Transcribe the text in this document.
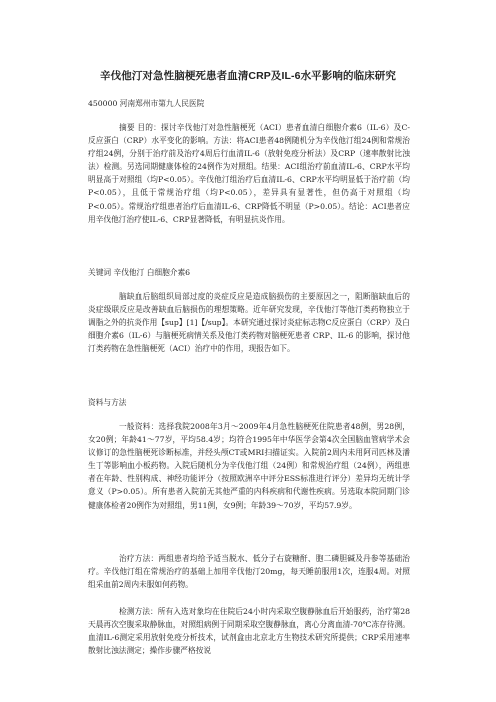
辛伐他汀对急性脑梗死患者血清CRP及IL-6水平影响的临床研究
450000 河南郑州市第九人民医院
摘要 目的：探讨辛伐他汀对急性脑梗死（ACI）患者血清白细胞介素6（IL-6）及C-反应蛋白（CRP）水平变化的影响。方法：将ACI患者48例随机分为辛伐他汀组24例和常规治疗组24例，分别于治疗前及治疗4周后行血清IL-6（放射免疫分析法）及CRP（速率散射比浊法）检测。另选同期健康体检的24例作为对照组。结果：ACI组治疗前血清IL-6、CRP水平均明显高于对照组（均P<0.05）。辛伐他汀组治疗后血清IL-6、CRP水平均明显低于治疗前（均P<0.05），且低于常规治疗组（均P<0.05），差异具有显著性，但仍高于对照组（均P<0.05）。常规治疗组患者治疗后血清IL-6、CRP降低不明显（P>0.05）。结论：ACI患者应用辛伐他汀治疗使IL-6、CRP显著降低，有明显抗炎作用。
关键词 辛伐他汀 白细胞介素6
脑缺血后脑组织局部过度的炎症反应是造成脑损伤的主要原因之一，阻断脑缺血后的炎症级联反应是改善缺血后脑损伤的理想策略。近年研究发现，辛伐他汀等他汀类药物独立于调脂之外的抗炎作用【sup】[1]【/sup】。本研究通过探讨炎症标志物C反应蛋白（CRP）及白细胞介素6（IL-6）与脑梗死病情关系及他汀类药物对脑梗死患者 CRP、IL-6 的影响，探讨他汀类药物在急性脑梗死（ACI）治疗中的作用，现报告如下。
资料与方法
一般资料：选择我院2008年3月～2009年4月急性脑梗死住院患者48例，男28例，女20例；年龄41～77岁，平均58.4岁；均符合1995年中华医学会第4次全国脑血管病学术会议修订的急性脑梗死诊断标准，并经头颅CT或MRI扫描证实。入院前2周内未用阿司匹林及潘生丁等影响血小板药物。入院后随机分为辛伐他汀组（24例）和常规治疗组（24例），两组患者在年龄、性别构成、神经功能评分（按照欧洲卒中评分ESS标准进行评分）差异均无统计学意义（P>0.05）。所有患者入院前无其他严重的内科疾病和代谢性疾病。另选取本院同期门诊健康体检者20例作为对照组，男11例，女9例；年龄39～70岁，平均57.9岁。
治疗方法：两组患者均给予适当脱水、低分子右旋糖酐、胞二磷胆碱及丹参等基础治疗。辛伐他汀组在常规治疗的基础上加用辛伐他汀20mg，每天睡前服用1次，连服4周。对照组采血前2周内未服如何药物。
检测方法：所有入选对象均在住院后24小时内采取空腹静脉血后开始服药，治疗第28天晨再次空腹采取静脉血，对照组病例于同期采取空腹静脉血，离心分离血清-70℃冻存待测。血清IL-6测定采用放射免疫分析技术，试剂盒由北京北方生物技术研究所提供；CRP采用速率散射比浊法测定；操作步骤严格按说
